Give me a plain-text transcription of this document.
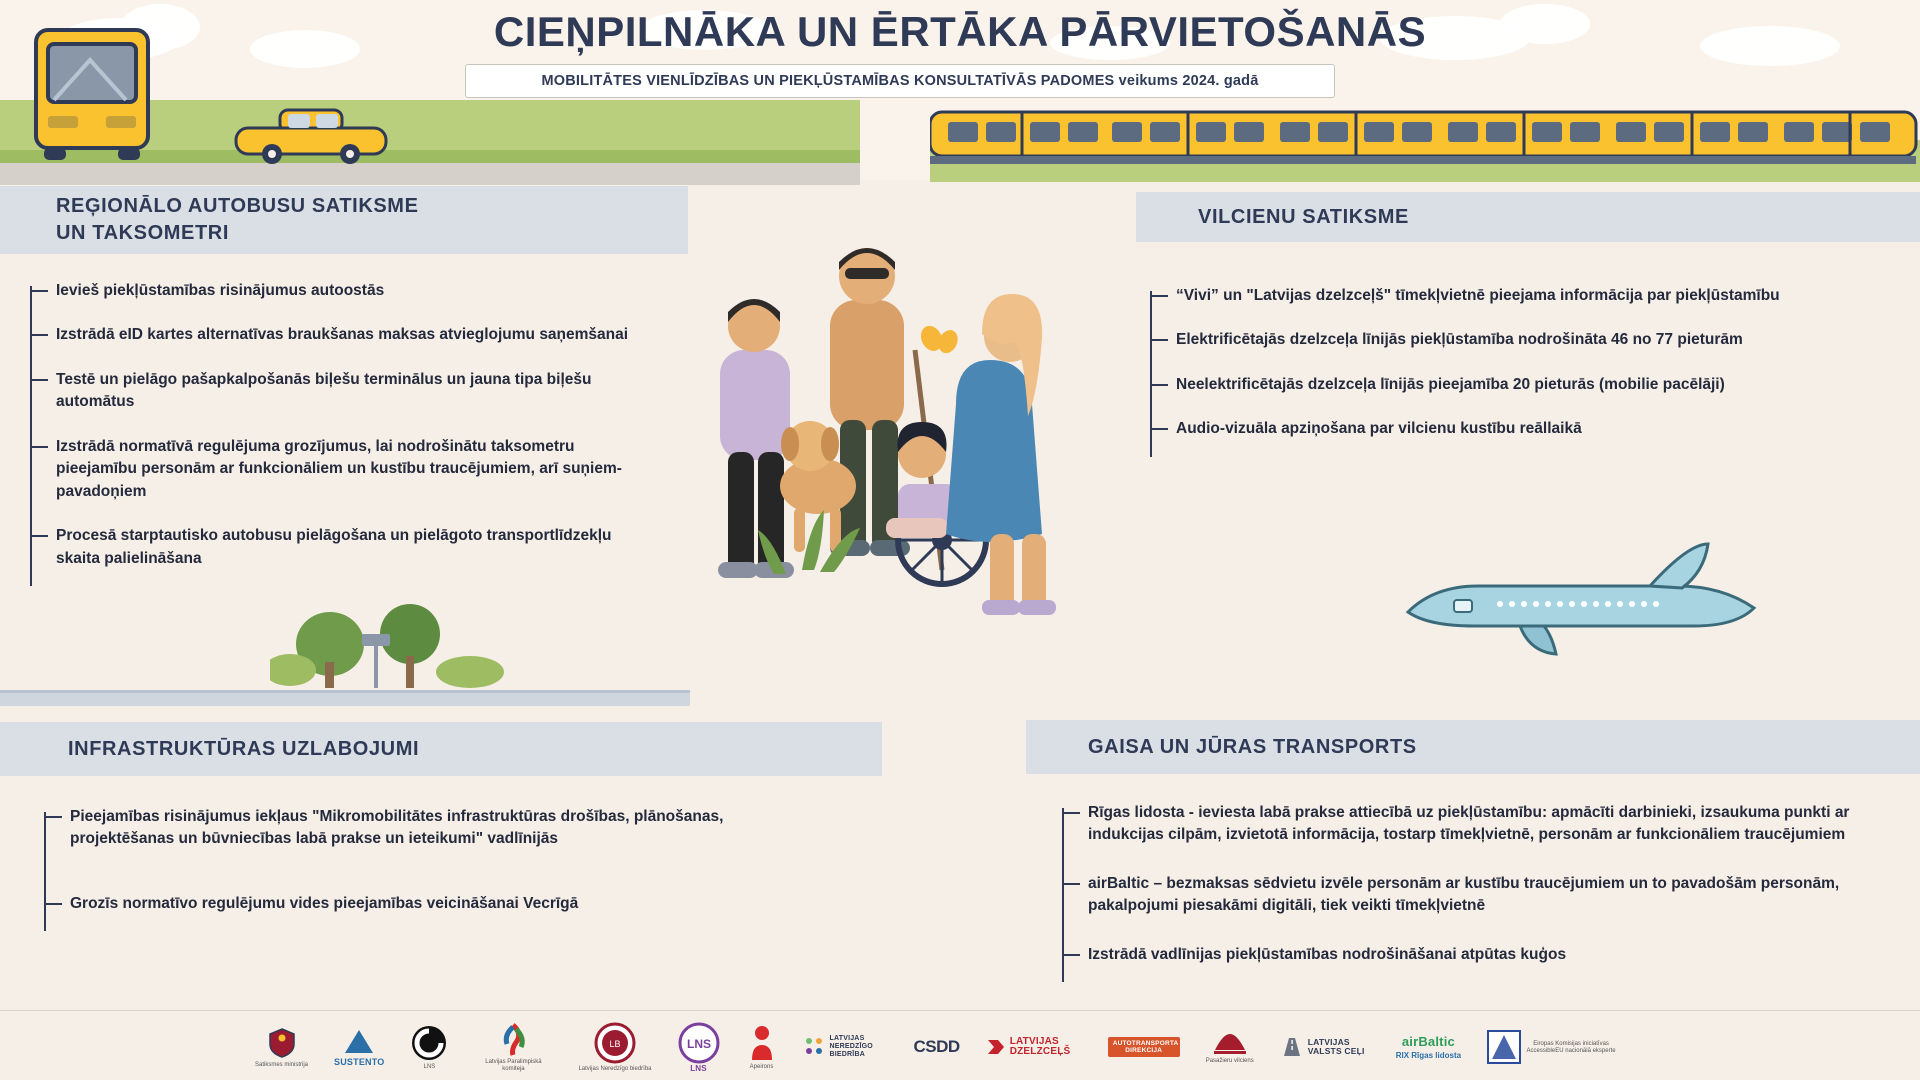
CIEŅPILNĀKA UN ĒRTĀKA PĀRVIETOŠANĀS
MOBILITĀTES VIENLĪDZĪBAS UN PIEKĻŪSTAMĪBAS KONSULTATĪVĀS PADOMES veikums 2024. gadā
REĢIONĀLO AUTOBUSU SATIKSME
UN TAKSOMETRI
Ievieš piekļūstamības risinājumus autoostās
Izstrādā eID kartes alternatīvas braukšanas maksas atvieglojumu saņemšanai
Testē un pielāgo pašapkalpošanās biļešu terminālus un jauna tipa biļešu automātus
Izstrādā normatīvā regulējuma grozījumus, lai nodrošinātu taksometru pieejamību personām ar funkcionāliem un kustību traucējumiem, arī suņiem-pavadoņiem
Procesā starptautisko autobusu pielāgošana un pielāgoto transportlīdzekļu skaita palielināšana
VILCIENU SATIKSME
“Vivi” un "Latvijas dzelzceļš" tīmekļvietnē pieejama informācija par piekļūstamību
Elektrificētajās dzelzceļa līnijās piekļūstamība nodrošināta 46 no 77 pieturām
Neelektrificētajās dzelzceļa līnijās pieejamība 20 pieturās (mobilie pacēlāji)
Audio-vizuāla apziņošana par vilcienu kustību reāllaikā
INFRASTRUKTŪRAS UZLABOJUMI
Pieejamības risinājumus iekļaus "Mikromobilitātes infrastruktūras drošības, plānošanas, projektēšanas un būvniecības labā prakse un ieteikumi" vadlīnijās
Grozīs normatīvo regulējumu vides pieejamības veicināšanai Vecrīgā
GAISA UN JŪRAS TRANSPORTS
Rīgas lidosta - ieviesta labā prakse attiecībā uz piekļūstamību: apmācīti darbinieki, izsaukuma punkti ar indukcijas cilpām, izvietotā informācija, tostarp tīmekļvietnē, personām ar funkcionāliem traucējumiem
airBaltic – bezmaksas sēdvietu izvēle personām ar kustību traucējumiem un to pavadošām personām, pakalpojumi piesakāmi digitāli, tiek veikti tīmekļvietnē
Izstrādā vadlīnijas piekļūstamības nodrošināšanai atpūtas kuģos
Satiksmes ministrija	SUSTENTO	LNS
Latvijas Paralimpiskā komiteja
LB
Latvijas Neredzīgo biedrība
LNS
LNS	Apeirons
LATVIJAS NEREDZĪGO BIEDRĪBA	CSDD	LATVIJAS DZELZCEĻŠ
AUTOTRANSPORTA DIREKCIJA
Pasažieru vilciens
LATVIJAS VALSTS CEĻI
airBaltic
RIX Rīgas lidosta
Eiropas Komisijas iniciatīvas AccessibleEU nacionālā eksperte
